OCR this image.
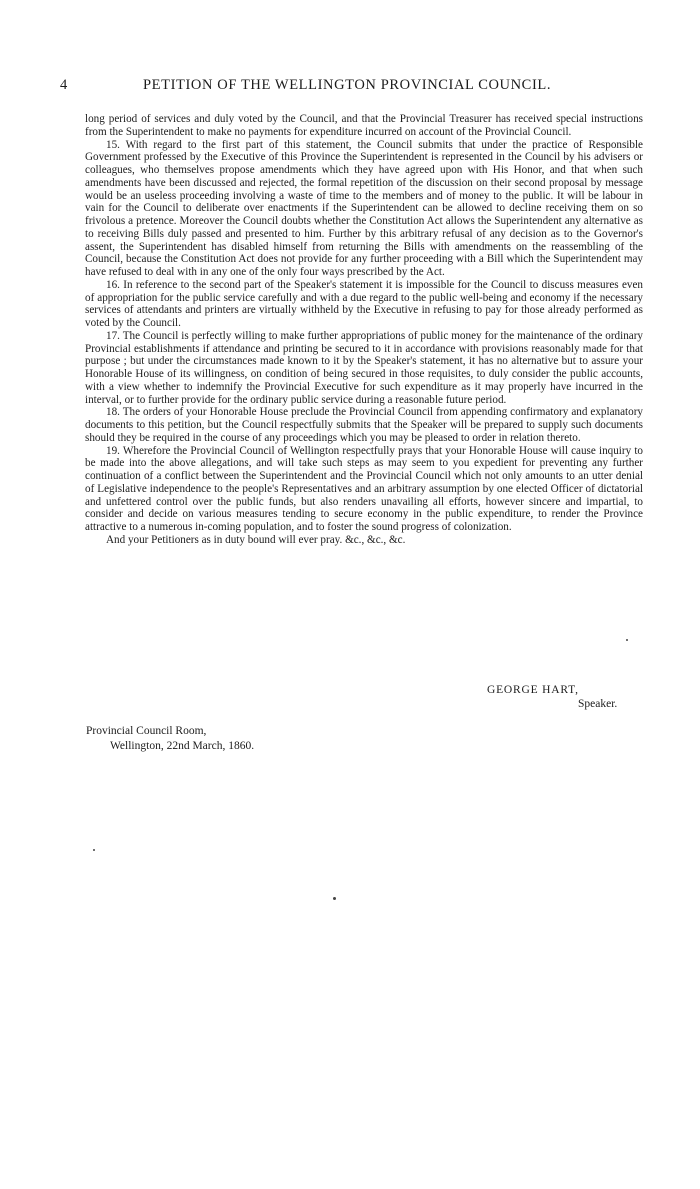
4	PETITION OF THE WELLINGTON PROVINCIAL COUNCIL.

long period of services and duly voted by the Council, and that the Provincial Treasurer has received special instructions from the Superintendent to make no payments for expenditure incurred on account of the Provincial Council.

15. With regard to the first part of this statement, the Council submits that under the practice of Responsible Government professed by the Executive of this Province the Superintendent is represented in the Council by his advisers or colleagues, who themselves propose amendments which they have agreed upon with His Honor, and that when such amendments have been discussed and rejected, the formal repetition of the discussion on their second proposal by message would be an useless proceeding involving a waste of time to the members and of money to the public. It will be labour in vain for the Council to deliberate over enactments if the Superintendent can be allowed to decline receiving them on so frivolous a pretence. Moreover the Council doubts whether the Constitution Act allows the Superintendent any alternative as to receiving Bills duly passed and presented to him. Further by this arbitrary refusal of any decision as to the Governor's assent, the Superintendent has disabled himself from returning the Bills with amendments on the reassembling of the Council, because the Constitution Act does not provide for any further proceeding with a Bill which the Superintendent may have refused to deal with in any one of the only four ways prescribed by the Act.

16. In reference to the second part of the Speaker's statement it is impossible for the Council to discuss measures even of appropriation for the public service carefully and with a due regard to the public well-being and economy if the necessary services of attendants and printers are virtually withheld by the Executive in refusing to pay for those already performed as voted by the Council.

17. The Council is perfectly willing to make further appropriations of public money for the maintenance of the ordinary Provincial establishments if attendance and printing be secured to it in accordance with provisions reasonably made for that purpose ; but under the circumstances made known to it by the Speaker's statement, it has no alternative but to assure your Honorable House of its willingness, on condition of being secured in those requisites, to duly consider the public accounts, with a view whether to indemnify the Provincial Executive for such expenditure as it may properly have incurred in the interval, or to further provide for the ordinary public service during a reasonable future period.

18. The orders of your Honorable House preclude the Provincial Council from appending confirmatory and explanatory documents to this petition, but the Council respectfully submits that the Speaker will be prepared to supply such documents should they be required in the course of any proceedings which you may be pleased to order in relation thereto.

19. Wherefore the Provincial Council of Wellington respectfully prays that your Honorable House will cause inquiry to be made into the above allegations, and will take such steps as may seem to you expedient for preventing any further continuation of a conflict between the Superintendent and the Provincial Council which not only amounts to an utter denial of Legislative independence to the people's Representatives and an arbitrary assumption by one elected Officer of dictatorial and unfettered control over the public funds, but also renders unavailing all efforts, however sincere and impartial, to consider and decide on various measures tending to secure economy in the public expenditure, to render the Province attractive to a numerous in-coming population, and to foster the sound progress of colonization.

And your Petitioners as in duty bound will ever pray. &c., &c., &c.

GEORGE HART,
Speaker.
Provincial Council Room,
Wellington, 22nd March, 1860.
